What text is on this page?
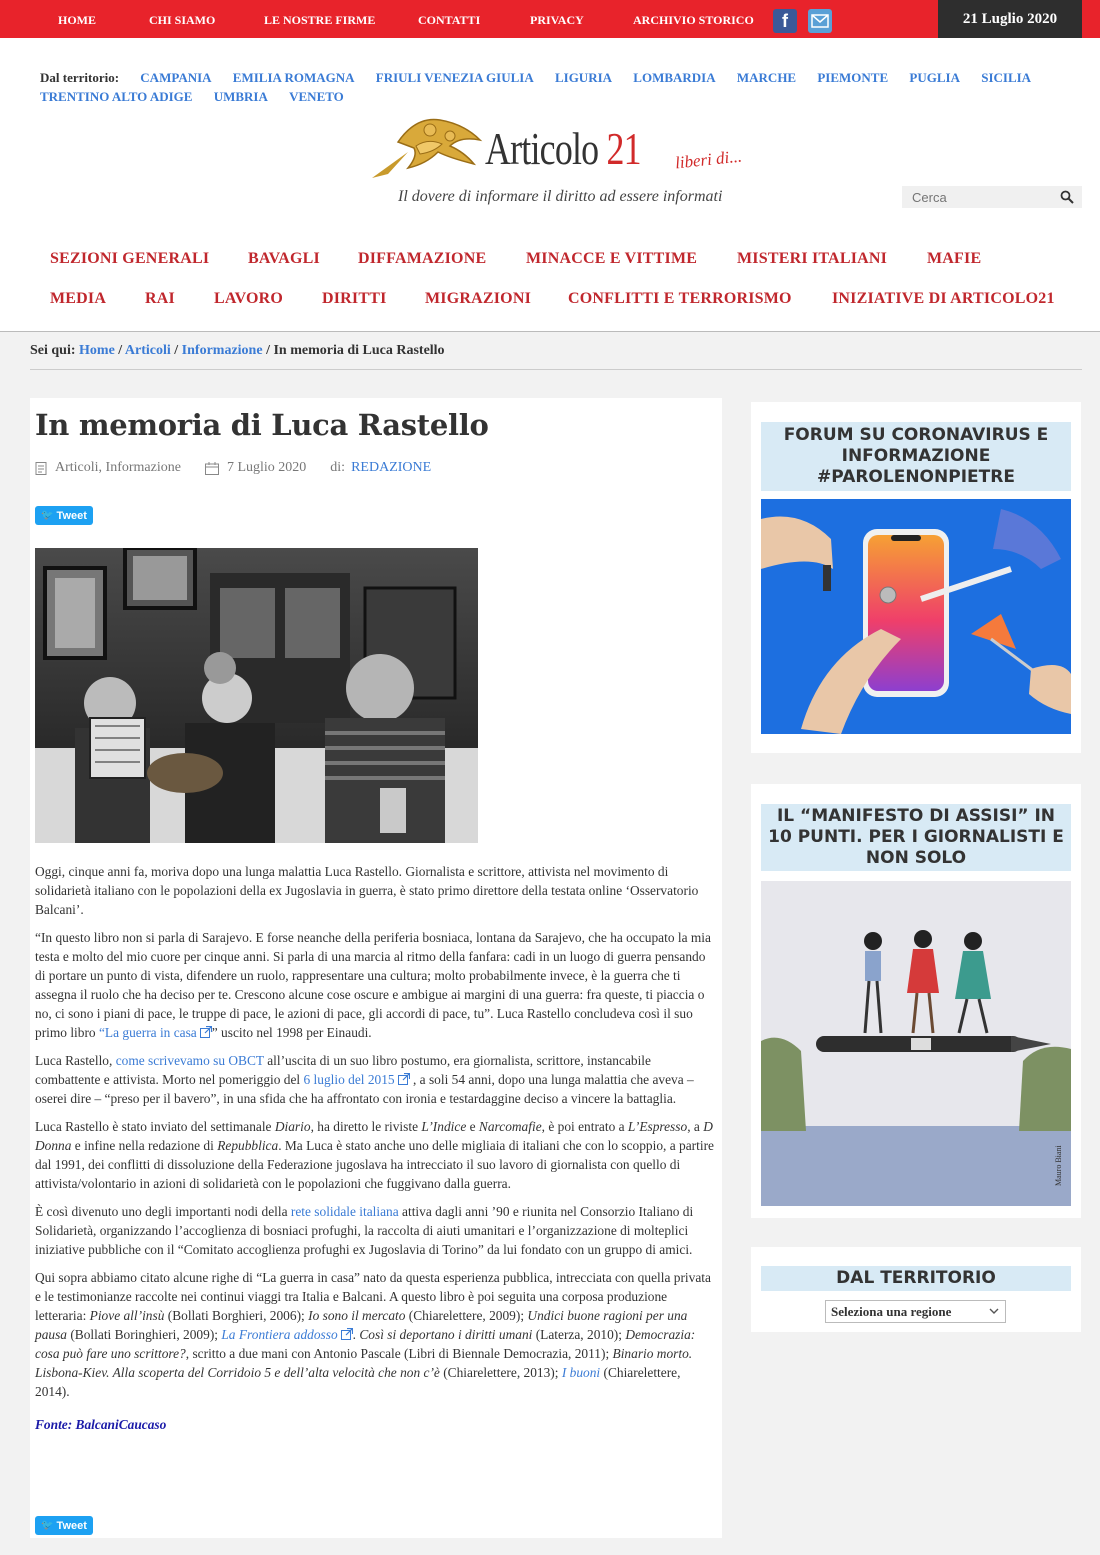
HOME	CHI SIAMO	LE NOSTRE FIRME	CONTATTI	PRIVACY	ARCHIVIO STORICO	f	21 Luglio 2020
Dal territorio: CAMPANIA EMILIA ROMAGNA FRIULI VENEZIA GIULIA LIGURIA LOMBARDIA MARCHE PIEMONTE PUGLIA SICILIA
TRENTINO ALTO ADIGE UMBRIA VENETO
Articolo 21 liberi di...
Il dovere di informare il diritto ad essere informati
Cerca
SEZIONI GENERALI BAVAGLI DIFFAMAZIONE MINACCE E VITTIME MISTERI ITALIANI MAFIE
MEDIA RAI LAVORO DIRITTI MIGRAZIONI CONFLITTI E TERRORISMO	INIZIATIVE DI ARTICOLO21
Sei qui: Home / Articoli / Informazione / In memoria di Luca Rastello
In memoria di Luca Rastello
Articoli, Informazione	7 Luglio 2020 di: REDAZIONE
🐦 Tweet

Oggi, cinque anni fa, moriva dopo una lunga malattia Luca Rastello. Giornalista e scrittore, attivista nel movimento di solidarietà italiano con le popolazioni della ex Jugoslavia in guerra, è stato primo direttore della testata online ‘Osservatorio Balcani’.

“In questo libro non si parla di Sarajevo. E forse neanche della periferia bosniaca, lontana da Sarajevo, che ha occupato la mia testa e molto del mio cuore per cinque anni. Si parla di una marcia al ritmo della fanfara: cadi in un luogo di guerra pensando di portare un punto di vista, difendere un ruolo, rappresentare una cultura; molto probabilmente invece, è la guerra che ti assegna il ruolo che ha deciso per te. Crescono alcune cose oscure e ambigue ai margini di una guerra: fra queste, ti piaccia o no, ci sono i piani di pace, le truppe di pace, le azioni di pace, gli accordi di pace, tu”. Luca Rastello concludeva così il suo primo libro “La guerra in casa ” uscito nel 1998 per Einaudi.

Luca Rastello, come scrivevamo su OBCT all’uscita di un suo libro postumo, era giornalista, scrittore, instancabile combattente e attivista. Morto nel pomeriggio del 6 luglio del 2015 , a soli 54 anni, dopo una lunga malattia che aveva – oserei dire – “preso per il bavero”, in una sfida che ha affrontato con ironia e testardaggine deciso a vincere la battaglia.

Luca Rastello è stato inviato del settimanale Diario, ha diretto le riviste L’Indice e Narcomafie, è poi entrato a L’Espresso, a D Donna e infine nella redazione di Repubblica. Ma Luca è stato anche uno delle migliaia di italiani che con lo scoppio, a partire dal 1991, dei conflitti di dissoluzione della Federazione jugoslava ha intrecciato il suo lavoro di giornalista con quello di attivista/volontario in azioni di solidarietà con le popolazioni che fuggivano dalla guerra.

È così divenuto uno degli importanti nodi della rete solidale italiana attiva dagli anni ’90 e riunita nel Consorzio Italiano di Solidarietà, organizzando l’accoglienza di bosniaci profughi, la raccolta di aiuti umanitari e l’organizzazione di molteplici iniziative pubbliche con il “Comitato accoglienza profughi ex Jugoslavia di Torino” da lui fondato con un gruppo di amici.

Qui sopra abbiamo citato alcune righe di “La guerra in casa” nato da questa esperienza pubblica, intrecciata con quella privata e le testimonianze raccolte nei continui viaggi tra Italia e Balcani. A questo libro è poi seguita una corposa produzione letteraria: Piove all’insù (Bollati Borghieri, 2006); Io sono il mercato (Chiarelettere, 2009); Undici buone ragioni per una pausa (Bollati Boringhieri, 2009); La Frontiera addosso . Così si deportano i diritti umani (Laterza, 2010); Democrazia: cosa può fare uno scrittore?, scritto a due mani con Antonio Pascale (Libri di Biennale Democrazia, 2011); Binario morto. Lisbona-Kiev. Alla scoperta del Corridoio 5 e dell’alta velocità che non c’è (Chiarelettere, 2013); I buoni (Chiarelettere, 2014).

Fonte: BalcaniCaucaso

🐦 Tweet
FORUM SU CORONAVIRUS E INFORMAZIONE #PAROLENONPIETRE
IL “MANIFESTO DI ASSISI” IN 10 PUNTI. PER I GIORNALISTI E NON SOLO
Mauro Biani
DAL TERRITORIO
Seleziona una regione
